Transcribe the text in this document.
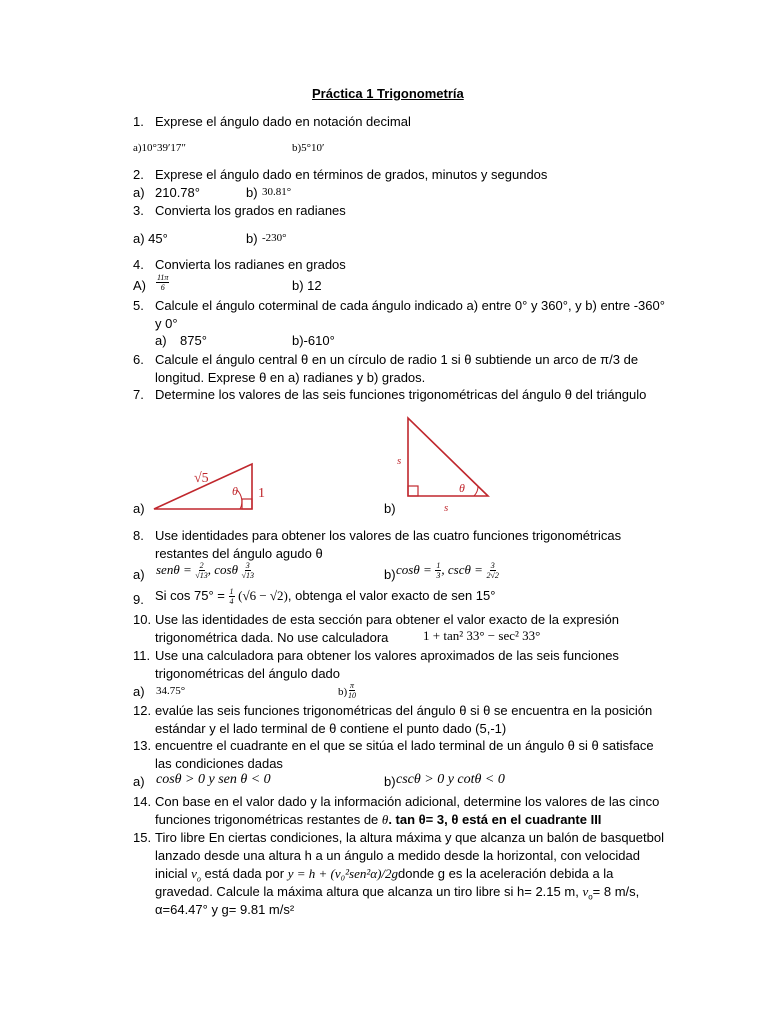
Práctica 1 Trigonometría
1. Exprese el ángulo dado en notación decimal
a)10°39′17″	b)5°10′
2. Exprese el ángulo dado en términos de grados, minutos y segundos
a) 210.78°	b) 30.81°
3. Convierta los grados en radianes
a) 45°	b) -230°
4. Convierta los radianes en grados
$A) \frac{11\pi}{6}$	b) 12
5. Calcule el ángulo coterminal de cada ángulo indicado a) entre 0° y 360°, y b) entre -360°
y 0°
a) 875°	b)-610°
6. Calcule el ángulo central θ en un círculo de radio 1 si θ subtiende un arco de π/3 de
longitud. Exprese θ en a) radianes y b) grados.
7. Determine los valores de las seis funciones trigonométricas del ángulo θ del triángulo
√5
θ 1
a)
s
s
θ
b)
8. Use identidades para obtener los valores de las cuatro funciones trigonométricas
restantes del ángulo agudo θ
a) $sen\theta = \frac{2}{√13}$ , cosθ $\frac{3}{√13}$	b) $\cos\theta = \frac{1}{3}$ , $\csc\theta = \frac{3}{2√2}$
9. Si $\cos 75^\circ = \frac{1}{4} (√6 - √2)$, obtenga el valor exacto de sen 15°
10. Use las identidades de esta sección para obtener el valor exacto de la expresión
trigonométrica dada. No use calculadora	1 + tan² 33° − sec² 33°
11. Use una calculadora para obtener los valores aproximados de las seis funciones
trigonométricas del ángulo dado
a) 34.75°	$b) \frac{\pi}{10}$
12. evalúe las seis funciones trigonométricas del ángulo θ si θ se encuentra en la posición
estándar y el lado terminal de θ contiene el punto dado (5,-1)
13. encuentre el cuadrante en el que se sitúa el lado terminal de un ángulo θ si θ satisface
las condiciones dadas
a) cosθ > 0 y sen θ < 0	b) cscθ > 0 y cotθ < 0
14. Con base en el valor dado y la información adicional, determine los valores de las cinco
funciones trigonométricas restantes de θ. tan θ= 3, θ está en el cuadrante III
15. Tiro libre En ciertas condiciones, la altura máxima y que alcanza un balón de basquetbol
lanzado desde una altura h a un ángulo a medido desde la horizontal, con velocidad
inicial $v_o$ está dada por y = h + (v₀²sen²α)/2gdonde g es la aceleración debida a la
gravedad. Calcule la máxima altura que alcanza un tiro libre si h= 2.15 m, $v_o= 8$ m/s,
α=64.47° y g= 9.81 m/s²
